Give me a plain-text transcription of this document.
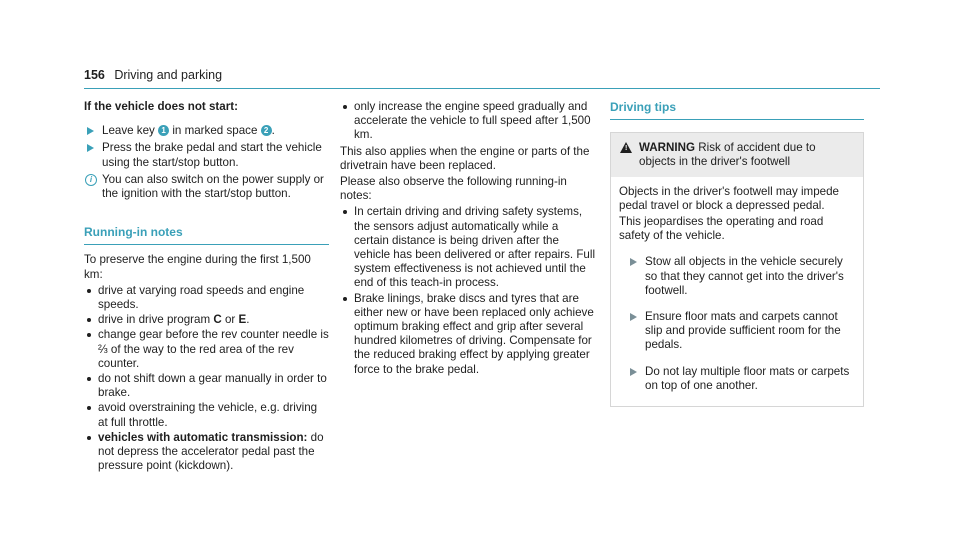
156 Driving and parking
If the vehicle does not start:
Leave key 1 in marked space 2 .
Press the brake pedal and start the vehicle using the start/stop button.
i You can also switch on the power supply or the ignition with the start/stop button.
Running-in notes
To preserve the engine during the first 1,500 km:
drive at varying road speeds and engine speeds.
drive in drive program C or E.
change gear before the rev counter needle is ⅔ of the way to the red area of the rev counter.
do not shift down a gear manually in order to brake.
avoid overstraining the vehicle, e.g. driving at full throttle.
vehicles with automatic transmission: do not depress the accelerator pedal past the pressure point (kickdown).
only increase the engine speed gradually and accelerate the vehicle to full speed after 1,500 km.
This also applies when the engine or parts of the drivetrain have been replaced.
Please also observe the following running-in notes:
In certain driving and driving safety systems, the sensors adjust automatically while a certain distance is being driven after the vehicle has been delivered or after repairs. Full system effectiveness is not achieved until the end of this teach-in process.
Brake linings, brake discs and tyres that are either new or have been replaced only achieve optimum braking effect and grip after several hundred kilometres of driving. Compensate for the reduced braking effect by applying greater force to the brake pedal.
Driving tips
! WARNING Risk of accident due to objects in the driver's footwell
Objects in the driver's footwell may impede pedal travel or block a depressed pedal.
This jeopardises the operating and road safety of the vehicle.
Stow all objects in the vehicle securely so that they cannot get into the driver's footwell.
Ensure floor mats and carpets cannot slip and provide sufficient room for the pedals.
Do not lay multiple floor mats or carpets on top of one another.
